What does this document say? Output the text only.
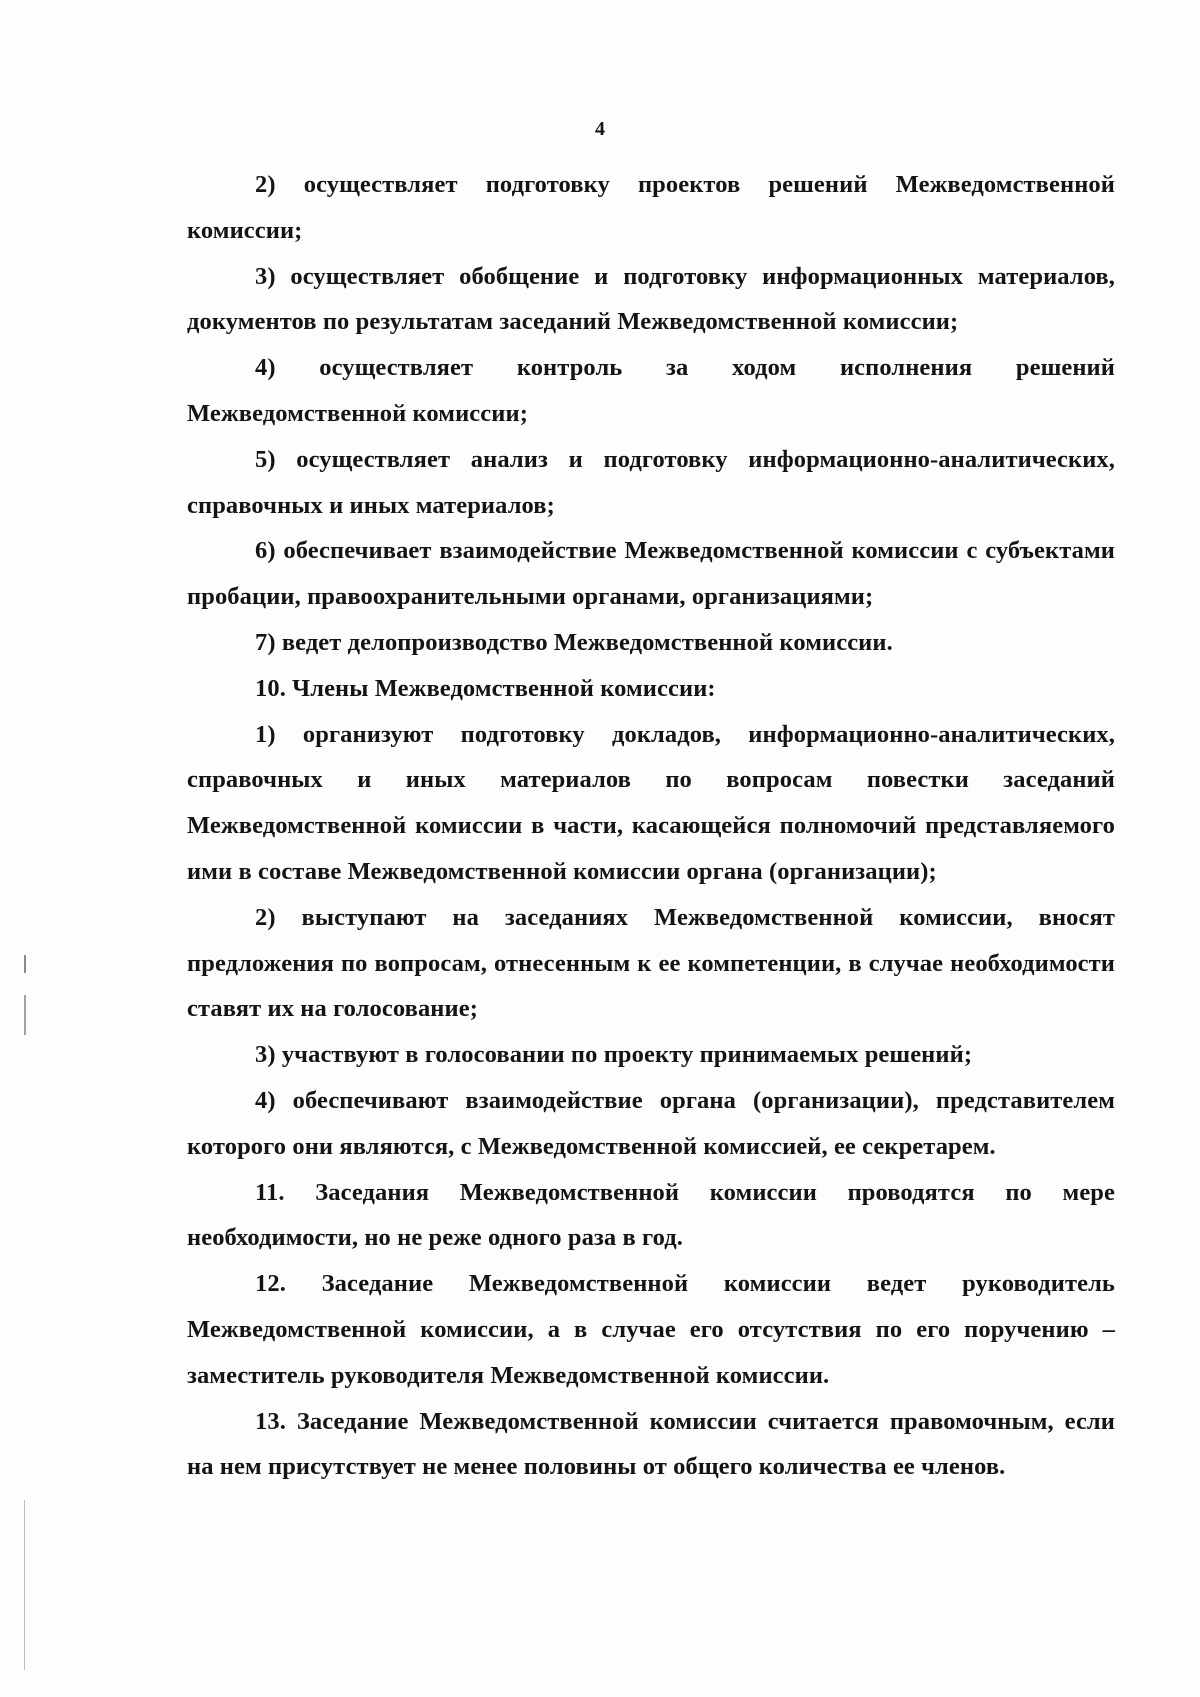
4

2) осуществляет подготовку проектов решений Межведомственной комиссии;

3) осуществляет обобщение и подготовку информационных материалов, документов по результатам заседаний Межведомственной комиссии;

4) осуществляет контроль за ходом исполнения решений Межведомственной комиссии;

5) осуществляет анализ и подготовку информационно-аналитических, справочных и иных материалов;

6) обеспечивает взаимодействие Межведомственной комиссии с субъектами пробации, правоохранительными органами, организациями;

7) ведет делопроизводство Межведомственной комиссии.

10. Члены Межведомственной комиссии:

1) организуют подготовку докладов, информационно-аналитических, справочных и иных материалов по вопросам повестки заседаний Межведомственной комиссии в части, касающейся полномочий представляемого ими в составе Межведомственной комиссии органа (организации);

2) выступают на заседаниях Межведомственной комиссии, вносят предложения по вопросам, отнесенным к ее компетенции, в случае необходимости ставят их на голосование;

3) участвуют в голосовании по проекту принимаемых решений;

4) обеспечивают взаимодействие органа (организации), представителем которого они являются, с Межведомственной комиссией, ее секретарем.

11. Заседания Межведомственной комиссии проводятся по мере необходимости, но не реже одного раза в год.

12. Заседание Межведомственной комиссии ведет руководитель Межведомственной комиссии, а в случае его отсутствия по его поручению – заместитель руководителя Межведомственной комиссии.

13. Заседание Межведомственной комиссии считается правомочным, если на нем присутствует не менее половины от общего количества ее членов.
